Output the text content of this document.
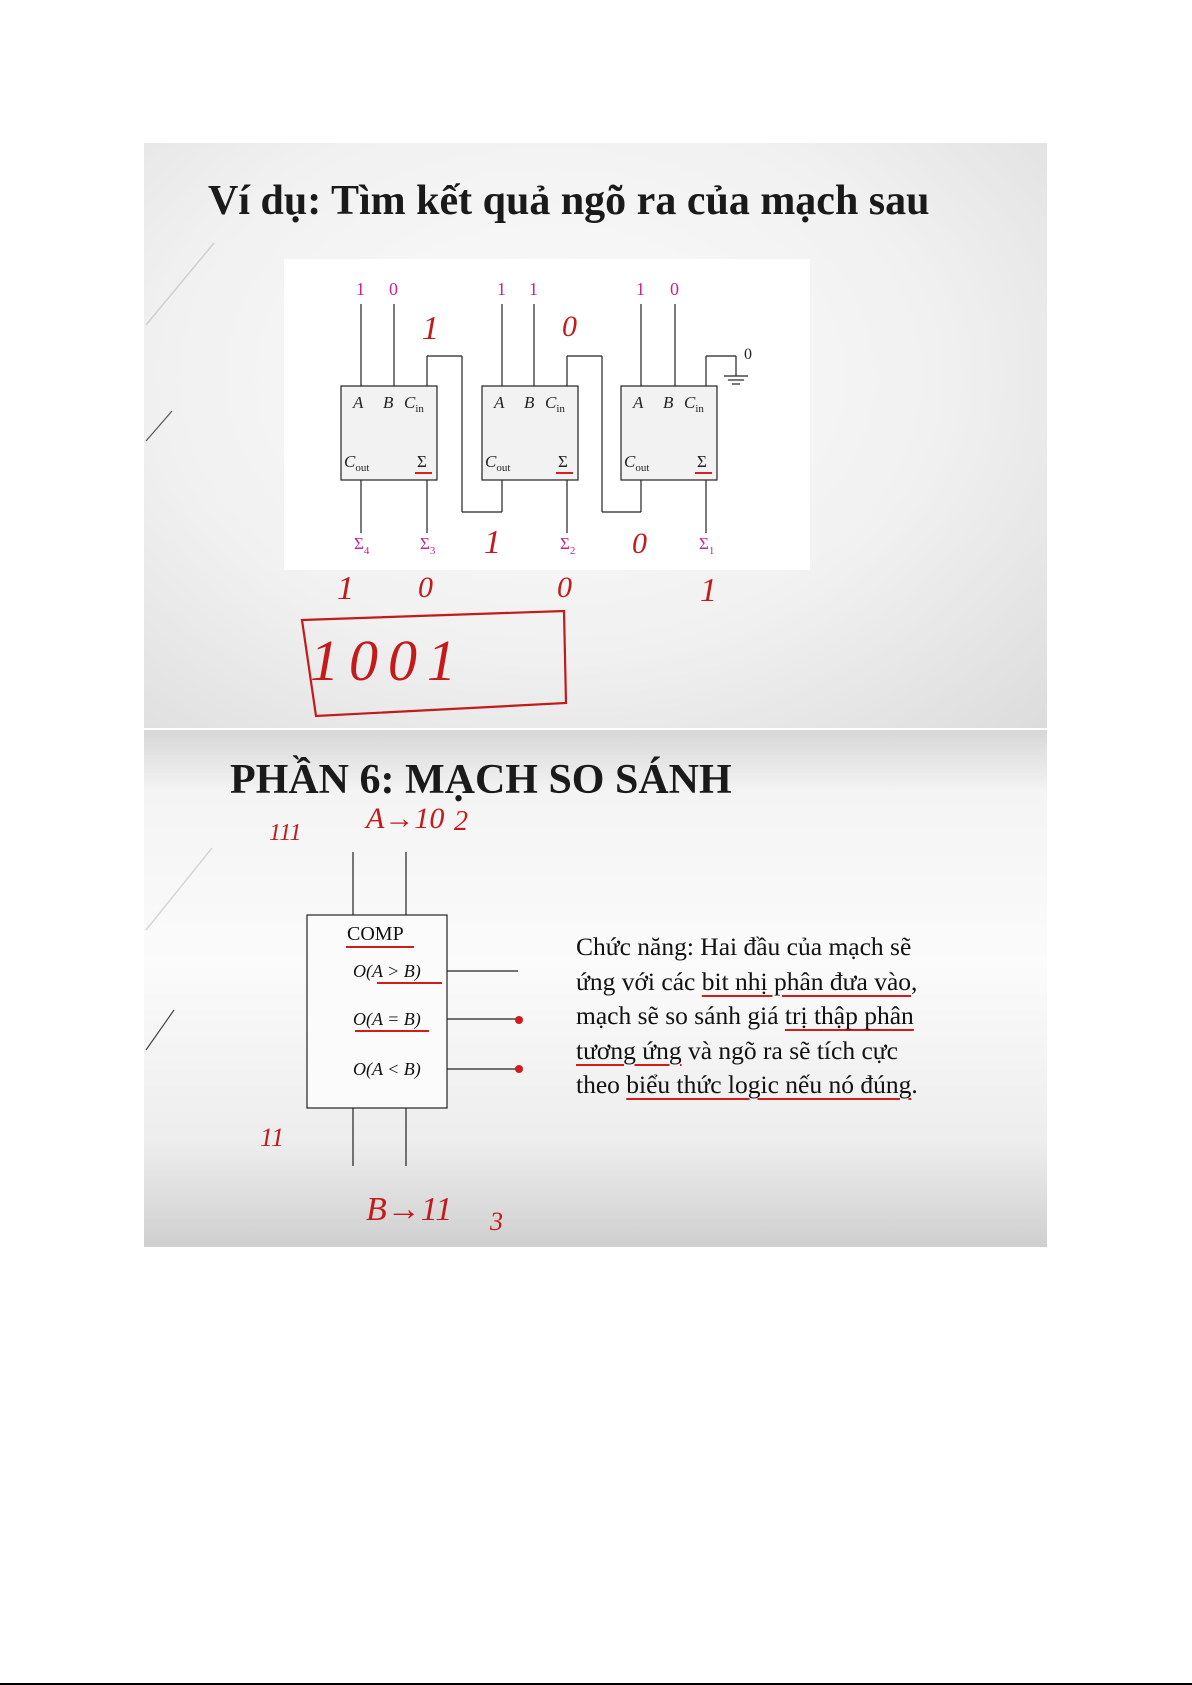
Ví dụ: Tìm kết quả ngõ ra của mạch sau
1 0	1 1	1 0
0
A B $C_{in}$
$C_{out}$	Σ
A B $C_{in}$
$C_{out}$	Σ
A B $C_{in}$
$C_{out}$	Σ
$\Sigma_4$	$\Sigma_3$	$\Sigma_2$	$\Sigma_1$
1	0
1	0
1 0	0	1
1001
PHẦN 6: MẠCH SO SÁNH
COMP
O(A > B)
O(A = B)
O(A < B)
111 A→10 2
11
B→11 3

Chức năng: Hai đầu của mạch sẽ

ứng với các bit nhị phân đưa vào,

mạch sẽ so sánh giá trị thập phân

tương ứng và ngõ ra sẽ tích cực

theo biểu thức logic nếu nó đúng.
